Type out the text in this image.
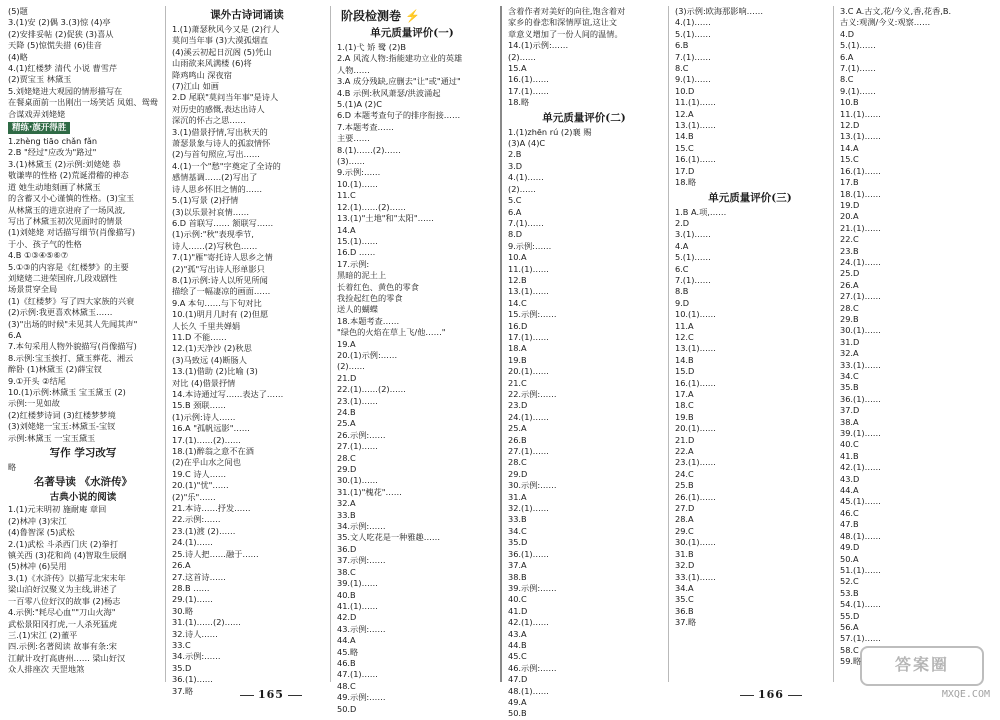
(5)题
3.(1)安 (2)偶 3.(3)惊 (4)亭
(2)安排妥帖 (2)促狭 (3)喜从
天降 (5)惊慌失措 (6)佳音
(4)略
4.(1)红楼梦 清代 小说 曹雪芹
(2)贾宝玉 林黛玉
5.刘姥姥进大观园的情形描写在
在餐桌面前一出刚出一场笑话 凤姐、鸳鸯
合谋戏弄刘姥姥
精练·旗开得胜
1.zhèng tiāo chǎn fǎn
2.B "经过"应改为"路过"
3.(1)林黛玉 (2)示例:刘姥姥 恭
敬谦卑的性格 (2)荒诞滑稽的神态
道 她生动地刻画了林黛玉
的含蓄又小心谨慎的性格。(3)宝玉
从林黛玉的进京进府了一场风波,
写出了林黛玉初次见面时的情景
(1)刘姥姥 对话描写细节(肖像描写)
于小、孩子气的性格
4.B ①③④⑤⑥⑦
5.①③的内容是《红楼梦》的主要
刘姥姥二进荣国府,几段戏剧性
场景贯穿全局
(1)《红楼梦》写了四大家族的兴衰
(2)示例:我更喜欢林黛玉……
(3)"出场的时候"未见其人先闻其声"
6.A
7.本句采用人物外貌描写(肖像描写)
8.示例:宝玉挨打、黛玉葬花、湘云
醉卧 (1)林黛玉 (2)薛宝钗
9.①开头 ②结尾
10.(1)示例:林黛玉 宝玉黛玉 (2)
示例:一见如故
(2)红楼梦诗词 (3)红楼梦梦境
(3)刘姥姥一宝玉:林黛玉-宝钗
示例:林黛玉 一宝玉黛玉
写作 学习改写
略
名著导读 《水浒传》
古典小说的阅读
1.(1)元末明初 施耐庵 章回
(2)林冲 (3)宋江
(4)鲁智深 (5)武松
2.(1)武松 斗杀西门庆 (2)拳打
镇关西 (3)花和尚 (4)智取生辰纲
(5)林冲 (6)吴用
3.(1)《水浒传》以描写北宋末年
梁山泊好汉聚义为主线,讲述了
一百零八位好汉的故事 (2)杨志
4.示例:"耗尽心血""刀山火海"
武松景阳冈打虎,一人杀死猛虎
三.(1)宋江 (2)董平
四.示例:名著阅读 故事有条:宋
江献计攻打高唐州…… 梁山好汉
众人排座次 天罡地煞
课外古诗词诵读
1.(1)萧瑟秋风今又是 (2)行人
莫问当年事 (3)大漠孤烟直
(4)溪云初起日沉阁 (5)凭山
山雨欲来风满楼 (6)将
降鸡鸣山 深夜宿
(7)江山 如画
2.D 尾联"莫问当年事"是诗人
对历史的感慨,表达出诗人
深沉的怀古之思……
3.(1)借景抒情,写出秋天的
萧瑟景象与诗人的孤寂情怀
(2)与首句照应,写出……
4.(1)一个"愁"字奠定了全诗的
感情基调……(2)写出了
诗人思乡怀旧之情的……
5.(1)写景 (2)抒情
(3)以乐景衬哀情……
6.D 首联写…… 颔联写……
(1)示例:"秋"表现季节,
诗人……(2)写秋色……
7.(1)"雁"寄托诗人思乡之情
(2)"孤"写出诗人形单影只
8.(1)示例:诗人以所见所闻
描绘了一幅凄凉的画面……
9.A 本句……与下句对比
10.(1)明月几时有 (2)但愿
人长久 千里共婵娟
11.D 不能……
12.(1)天净沙 (2)秋思
(3)马致远 (4)断肠人
13.(1)借助 (2)比喻 (3)
对比 (4)借景抒情
14.本诗通过写……表达了……
15.B 颈联……
(1)示例:诗人……
16.A "孤帆远影"……
17.(1)……(2)……
18.(1)醉翁之意不在酒
(2)在乎山水之间也
19.C 诗人……
20.(1)"忧"……
(2)"乐"……
21.本诗……抒发……
22.示例:……
23.(1)渡 (2)……
24.(1)……
25.诗人把……融于……
26.A
27.这首诗……
28.B ……
29.(1)……
30.略
31.(1)……(2)……
32.诗人……
33.C
34.示例:……
35.D
36.(1)……
37.略
阶段检测卷 ⚡
单元质量评价(一)
1.(1)弋 矫 鹭 (2)B
2.A 风流人物:指能建功立业的英雄
人物……
3.A 成分残缺,应删去"让"或"通过"
4.B 示例:秋风萧瑟/洪波涌起
5.(1)A (2)C
6.D 本题考查句子的排序衔接……
7.本题考查……
主要……
8.(1)……(2)……
(3)……
9.示例:……
10.(1)……
11.C
12.(1)……(2)……
13.(1)"土地"和"太阳"……
14.A
15.(1)……
16.D ……
17.示例:
黑暗的泥土上
长着红色、黄色的零食
我捡起红色的零食
送人的蝴蝶
18.本题考查……
"绿色的火焰在草上飞/他……"
19.A
20.(1)示例:……
(2)……
21.D
22.(1)……(2)……
23.(1)……
24.B
25.A
26.示例:……
27.(1)……
28.C
29.D
30.(1)……
31.(1)"槐花"……
32.A
33.B
34.示例:……
35.文人吃花是一种雅趣……
36.D
37.示例:……
38.C
39.(1)……
40.B
41.(1)……
42.D
43.示例:……
44.A
45.略
46.B
47.(1)……
48.C
49.示例:……
50.D
含着作者对美好的向往,饱含着对
家乡的眷恋和深情厚谊,这让文
章意义增加了一份人间的温情。
14.(1)示例:……
(2)……
15.A
16.(1)……
17.(1)……
18.略
单元质量评价(二)
1.(1)zhēn rú (2)襄 赐
(3)A (4)C
2.B
3.D
4.(1)……
(2)……
5.C
6.A
7.(1)……
8.D
9.示例:……
10.A
11.(1)……
12.B
13.(1)……
14.C
15.示例:……
16.D
17.(1)……
18.A
19.B
20.(1)……
21.C
22.示例:……
23.D
24.(1)……
25.A
26.B
27.(1)……
28.C
29.D
30.示例:……
31.A
32.(1)……
33.B
34.C
35.D
36.(1)……
37.A
38.B
39.示例:……
40.C
41.D
42.(1)……
43.A
44.B
45.C
46.示例:……
47.D
48.(1)……
49.A
50.B
(3)示例:欧海那影响……
4.(1)……
5.(1)……
6.B
7.(1)……
8.C
9.(1)……
10.D
11.(1)……
12.A
13.(1)……
14.B
15.C
16.(1)……
17.D
18.略
单元质量评价(三)
1.B A.项,……
2.D
3.(1)……
4.A
5.(1)……
6.C
7.(1)……
8.B
9.D
10.(1)……
11.A
12.C
13.(1)……
14.B
15.D
16.(1)……
17.A
18.C
19.B
20.(1)……
21.D
22.A
23.(1)……
24.C
25.B
26.(1)……
27.D
28.A
29.C
30.(1)……
31.B
32.D
33.(1)……
34.A
35.C
36.B
37.略
3.C A.古文,花/今义,香,花香,B.
古义:观测/今义:观察……
4.D
5.(1)……
6.A
7.(1)……
8.C
9.(1)……
10.B
11.(1)……
12.D
13.(1)……
14.A
15.C
16.(1)……
17.B
18.(1)……
19.D
20.A
21.(1)……
22.C
23.B
24.(1)……
25.D
26.A
27.(1)……
28.C
29.B
30.(1)……
31.D
32.A
33.(1)……
34.C
35.B
36.(1)……
37.D
38.A
39.(1)……
40.C
41.B
42.(1)……
43.D
44.A
45.(1)……
46.C
47.B
48.(1)……
49.D
50.A
51.(1)……
52.C
53.B
54.(1)……
55.D
56.A
57.(1)……
58.C
59.略
165	166
答案圈
MXQE.COM
